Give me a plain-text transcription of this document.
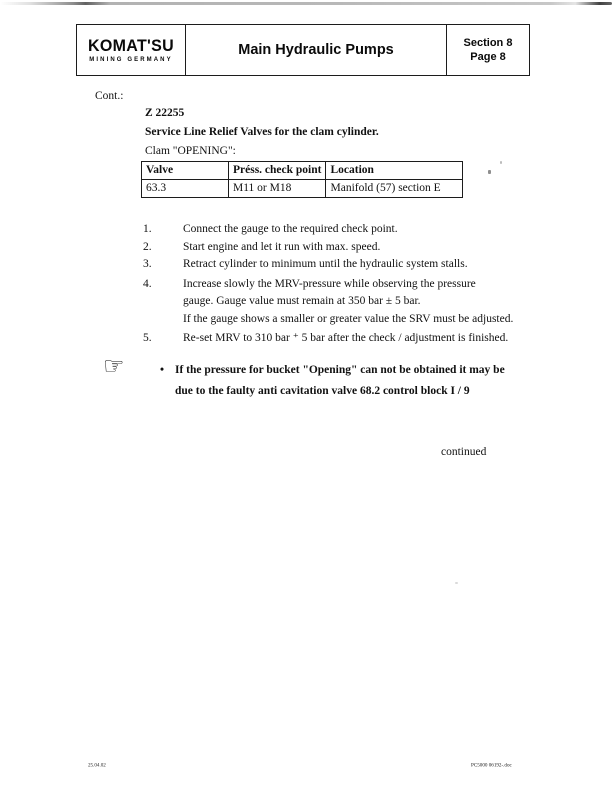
KOMAT'SU
MINING GERMANY
Main Hydraulic Pumps	Section 8
Page 8
Cont.:
Z 22255
Service Line Relief Valves for the clam cylinder.
Clam "OPENING":
Valve	Préss. check point	Location
63.3	M11 or M18	Manifold (57) section E
1.	Connect the gauge to the required check point.
2.	Start engine and let it run with max. speed.
3.	Retract cylinder to minimum until the hydraulic system stalls.
4.	Increase slowly the MRV-pressure while observing the pressure
gauge. Gauge value must remain at 350 bar ± 5 bar.
If the gauge shows a smaller or greater value the SRV must be adjusted.
5.	Re-set MRV to 310 bar ⁺ 5 bar after the check / adjustment is finished.
☞	• If the pressure for bucket "Opening" can not be obtained it may be
due to the faulty anti cavitation valve 68.2 control block I / 9
continued
25.04.02	PC5000 06192-.doc
